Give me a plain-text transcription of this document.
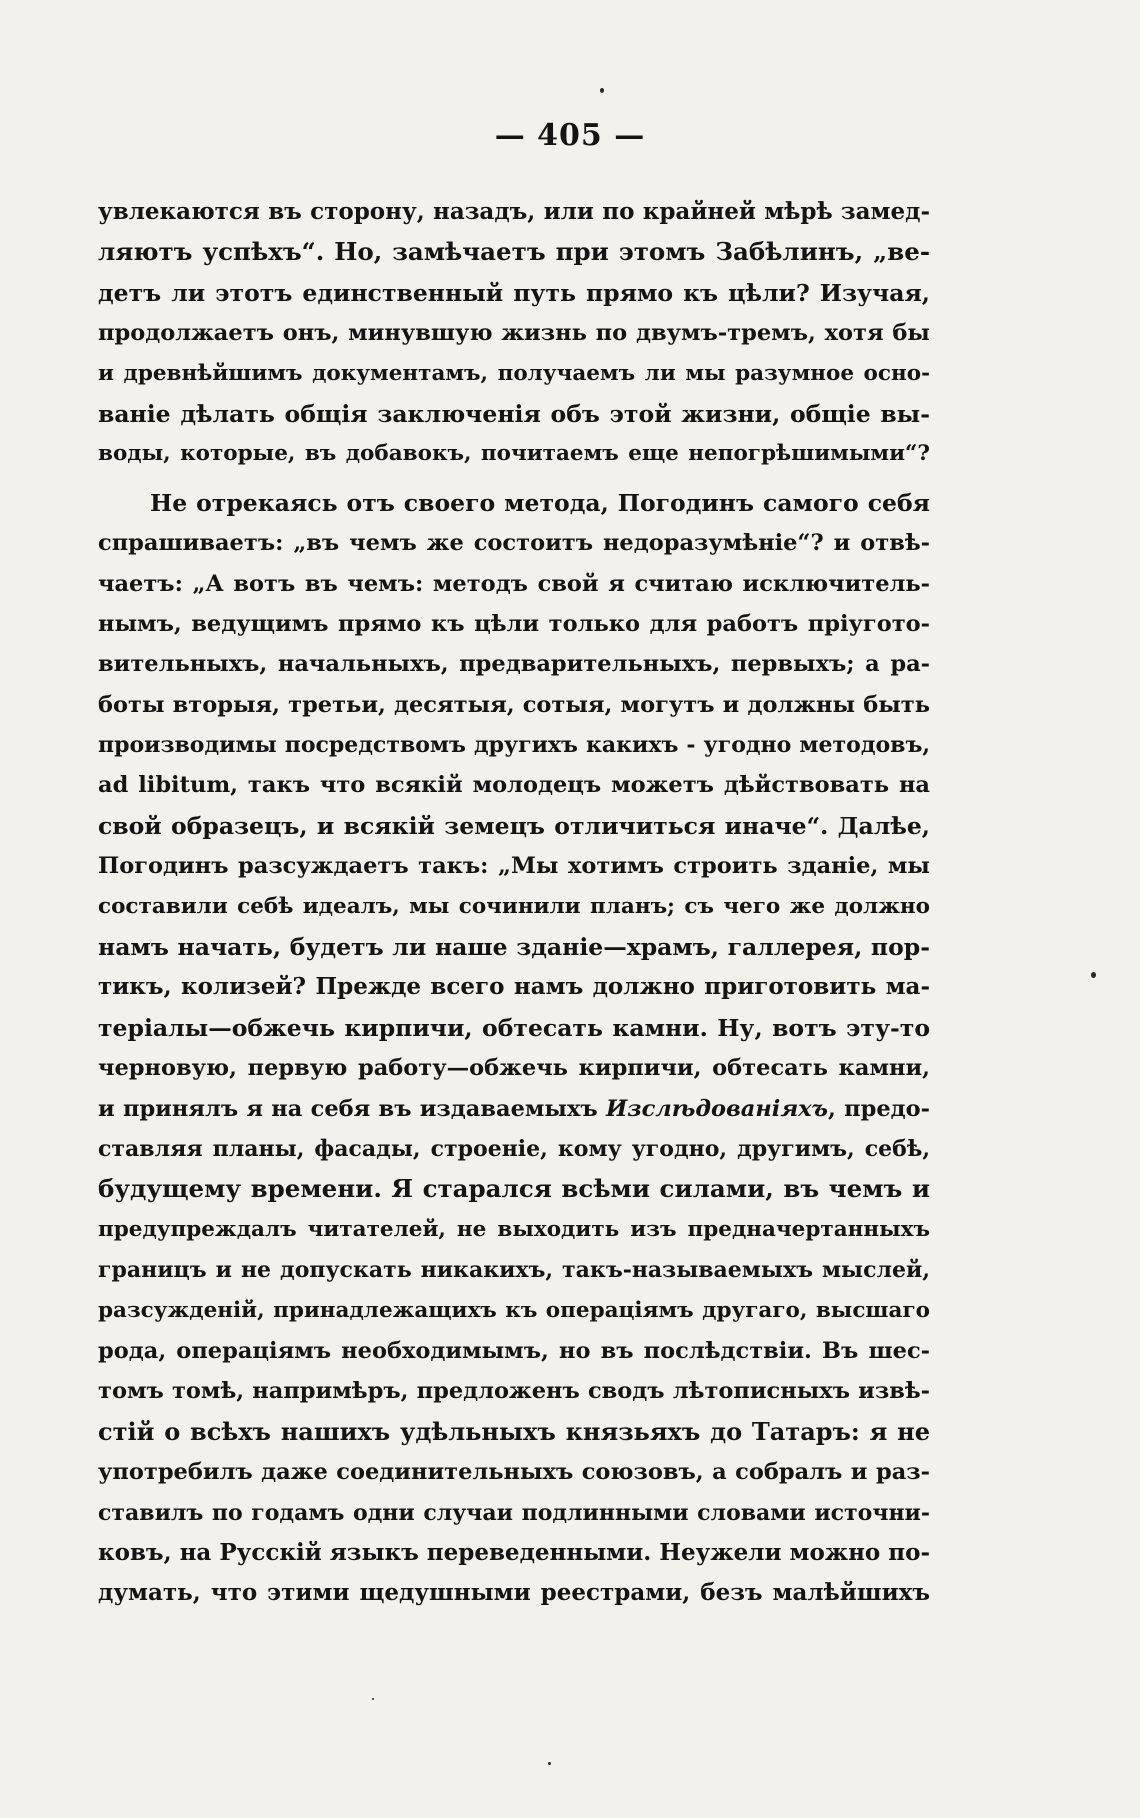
— 405 —
увлекаются въ сторону, назадъ, или по крайней мѣрѣ замед-
ляютъ успѣхъ“. Но, замѣчаетъ при этомъ Забѣлинъ, „ве-
детъ ли этотъ единственный путь прямо къ цѣли? Изучая,
продолжаетъ онъ, минувшую жизнь по двумъ-тремъ, хотя бы
и древнѣйшимъ документамъ, получаемъ ли мы разумное осно-
ваніе дѣлать общія заключенія объ этой жизни, общіе вы-
воды, которые, въ добавокъ, почитаемъ еще непогрѣшимыми“?
Не отрекаясь отъ своего метода, Погодинъ самого себя
спрашиваетъ: „въ чемъ же состоитъ недоразумѣніе“? и отвѣ-
чаетъ: „А вотъ въ чемъ: методъ свой я считаю исключитель-
нымъ, ведущимъ прямо къ цѣли только для работъ пріуготo-
вительныхъ, начальныхъ, предварительныхъ, первыхъ; а ра-
боты вторыя, третьи, десятыя, сотыя, могутъ и должны быть
производимы посредствомъ другихъ какихъ - угодно методовъ,
ad libitum, такъ что всякій молодецъ можетъ дѣйствовать на
свой образецъ, и всякій земецъ отличиться иначе“. Далѣе,
Погодинъ разсуждаетъ такъ: „Мы хотимъ строить зданіе, мы
составили себѣ идеалъ, мы сочинили планъ; съ чего же должно
намъ начать, будетъ ли наше зданіе—храмъ, галлерея, пор-
тикъ, колизей? Прежде всего намъ должно приготовить ма-
теріалы—обжечь кирпичи, обтесать камни. Ну, вотъ эту-то
черновую, первую работу—обжечь кирпичи, обтесать камни,
и принялъ я на себя въ издаваемыхъ Изслѣдованіяхъ, предо-
ставляя планы, фасады, строеніе, кому угодно, другимъ, себѣ,
будущему времени. Я старался всѣми силами, въ чемъ и
предупреждалъ читателей, не выходить изъ предначертанныхъ
границъ и не допускать никакихъ, такъ-называемыхъ мыслей,
разсужденій, принадлежащихъ къ операціямъ другаго, высшаго
рода, операціямъ необходимымъ, но въ послѣдствіи. Въ шес-
томъ томѣ, напримѣръ, предложенъ сводъ лѣтописныхъ извѣ-
стій о всѣхъ нашихъ удѣльныхъ князьяхъ до Татаръ: я не
употребилъ даже соединительныхъ союзовъ, а собралъ и раз-
ставилъ по годамъ одни случаи подлинными словами источни-
ковъ, на Русскій языкъ переведенными. Неужели можно по-
думать, что этими щедушными реестрами, безъ малѣйшихъ
